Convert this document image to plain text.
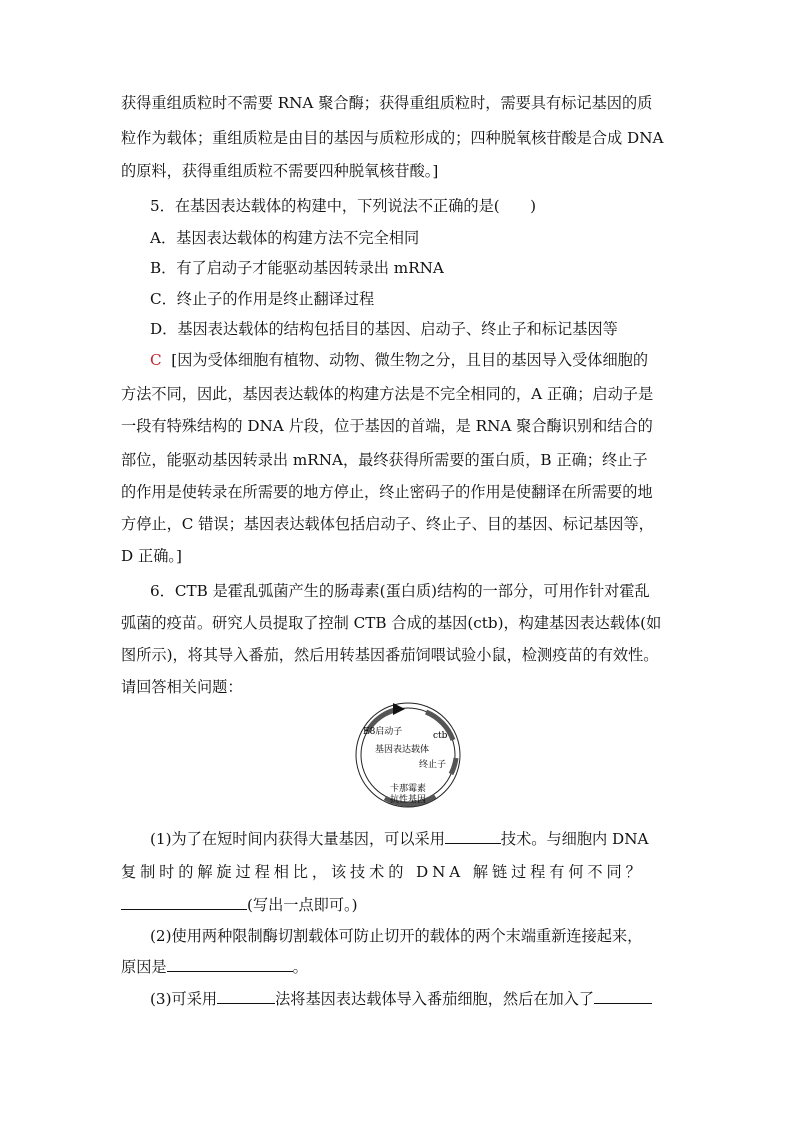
获得重组质粒时不需要 RNA 聚合酶；获得重组质粒时，需要具有标记基因的质
粒作为载体；重组质粒是由目的基因与质粒形成的；四种脱氧核苷酸是合成 DNA
的原料，获得重组质粒不需要四种脱氧核苷酸。]
5．在基因表达载体的构建中，下列说法不正确的是(　　)
A．基因表达载体的构建方法不完全相同
B．有了启动子才能驱动基因转录出 mRNA
C．终止子的作用是终止翻译过程
D．基因表达载体的结构包括目的基因、启动子、终止子和标记基因等
C [因为受体细胞有植物、动物、微生物之分，且目的基因导入受体细胞的
方法不同，因此，基因表达载体的构建方法是不完全相同的，A 正确；启动子是
一段有特殊结构的 DNA 片段，位于基因的首端，是 RNA 聚合酶识别和结合的
部位，能驱动基因转录出 mRNA，最终获得所需要的蛋白质，B 正确；终止子
的作用是使转录在所需要的地方停止，终止密码子的作用是使翻译在所需要的地
方停止，C 错误；基因表达载体包括启动子、终止子、目的基因、标记基因等，
D 正确。]
6．CTB 是霍乱弧菌产生的肠毒素(蛋白质)结构的一部分，可用作针对霍乱
弧菌的疫苗。研究人员提取了控制 CTB 合成的基因(ctb)，构建基因表达载体(如
图所示)，将其导入番茄，然后用转基因番茄饲喂试验小鼠，检测疫苗的有效性。
请回答相关问题：
E8启动子	ctb
基因表达载体
终止子
卡那霉素
抗性基因
(1)为了在短时间内获得大量基因，可以采用	技术。与细胞内 DNA
复制时的解旋过程相比，该技术的 DNA 解链过程有何不同？
(写出一点即可。)
(2)使用两种限制酶切割载体可防止切开的载体的两个末端重新连接起来，
原因是	。
(3)可采用	法将基因表达载体导入番茄细胞，然后在加入了
